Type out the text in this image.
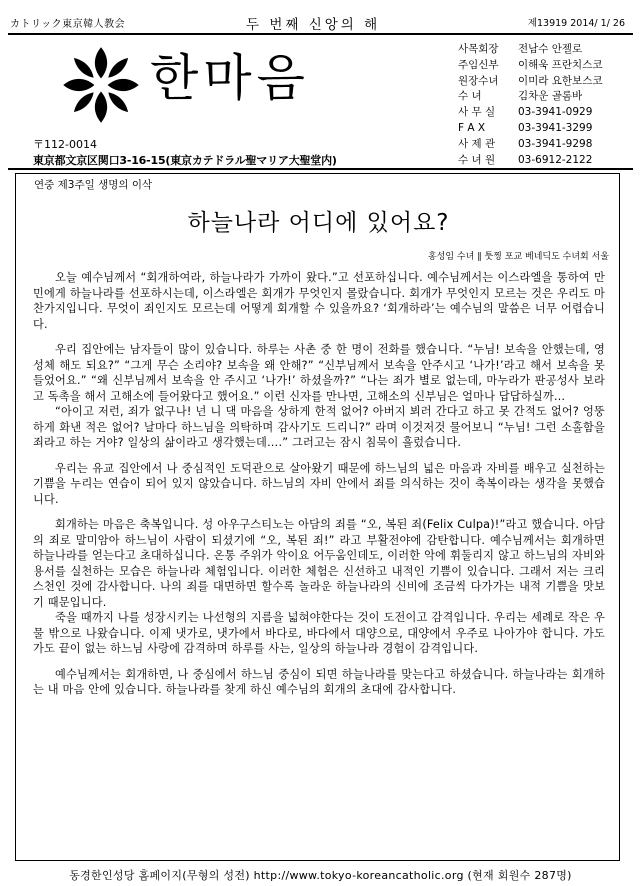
カトリック東京韓人教会	두 번째 신앙의 해	제13919 2014/ 1/ 26
한마음
〒112-0014
東京都文京区関口3-16-15(東京カテドラル聖マリア大聖堂内)
사목회장	전남수 안젤로
주임신부	이해욱 프란치스코
원장수녀	이미라 요한보스코
수 녀	김차운 골롬바
사 무 실	03-3941-0929
F A X	03-3941-3299
사 제 관	03-3941-9298
수 녀 원	03-6912-2122
연중 제3주일 생명의 이삭
하늘나라 어디에 있어요?
홍성임 수녀 ∥ 툿찡 포교 베네딕도 수녀회 서울

오늘 예수님께서 “회개하여라, 하늘나라가 가까이 왔다.”고 선포하십니다. 예수님께서는 이스라엘을 통하여 만민에게 하늘나라를 선포하시는데, 이스라엘은 회개가 무엇인지 몰랐습니다. 회개가 무엇인지 모르는 것은 우리도 마찬가지입니다. 무엇이 죄인지도 모르는데 어떻게 회개할 수 있을까요? ‘회개하라’는 예수님의 말씀은 너무 어렵습니다.

우리 집안에는 남자들이 많이 있습니다. 하루는 사촌 중 한 명이 전화를 했습니다. “누님! 보속을 안했는데, 영성체 해도 되요?” “그게 무슨 소리야? 보속을 왜 안해?” “신부님께서 보속을 안주시고 ‘나가!’라고 해서 보속을 못 들었어요.” “왜 신부님께서 보속을 안 주시고 ‘나가!’ 하셨을까?” “나는 죄가 별로 없는데, 마누라가 판공성사 보라고 독촉을 해서 고해소에 들어왔다고 했어요.” 이런 신자를 만나면, 고해소의 신부님은 얼마나 답답하실까…

“아이고 저런, 죄가 없구나! 넌 니 댁 마음을 상하게 한적 없어? 아버지 뵈러 간다고 하고 못 간적도 없어? 엉뚱하게 화낸 적은 없어? 날마다 하느님을 의탁하며 감사기도 드리니?” 라며 이것저것 물어보니 “누님! 그런 소홀함을 죄라고 하는 거야? 일상의 삶이라고 생각했는데….” 그러고는 잠시 침묵이 흘렀습니다.

우리는 유교 집안에서 나 중심적인 도덕관으로 살아왔기 때문에 하느님의 넓은 마음과 자비를 배우고 실천하는 기쁨을 누리는 연습이 되어 있지 않았습니다. 하느님의 자비 안에서 죄를 의식하는 것이 축복이라는 생각을 못했습니다.

회개하는 마음은 축복입니다. 성 아우구스티노는 아담의 죄를 “오, 복된 죄(Felix Culpa)!”라고 했습니다. 아담의 죄로 말미암아 하느님이 사람이 되셨기에 “오, 복된 죄!” 라고 부활전야에 감탄합니다. 예수님께서는 회개하면 하늘나라를 얻는다고 초대하십니다. 온통 주위가 악이요 어두움인데도, 이러한 악에 휘둘리지 않고 하느님의 자비와 용서를 실천하는 모습은 하늘나라 체험입니다. 이러한 체험은 신선하고 내적인 기쁨이 있습니다. 그래서 저는 크리스천인 것에 감사합니다. 나의 죄를 대면하면 할수록 놀라운 하늘나라의 신비에 조금씩 다가가는 내적 기쁨을 맛보기 때문입니다.

죽을 때까지 나를 성장시키는 나선형의 지름을 넓혀야한다는 것이 도전이고 감격입니다. 우리는 세례로 작은 우물 밖으로 나왔습니다. 이제 냇가로, 냇가에서 바다로, 바다에서 대양으로, 대양에서 우주로 나아가야 합니다. 가도 가도 끝이 없는 하느님 사랑에 감격하며 하루를 사는, 일상의 하늘나라 경험이 감격입니다.

예수님께서는 회개하면, 나 중심에서 하느님 중심이 되면 하늘나라를 맞는다고 하셨습니다. 하늘나라는 회개하는 내 마음 안에 있습니다. 하늘나라를 찾게 하신 예수님의 회개의 초대에 감사합니다.

동경한인성당 홈페이지(무형의 성전) http://www.tokyo-koreancatholic.org (현재 회원수 287명)
